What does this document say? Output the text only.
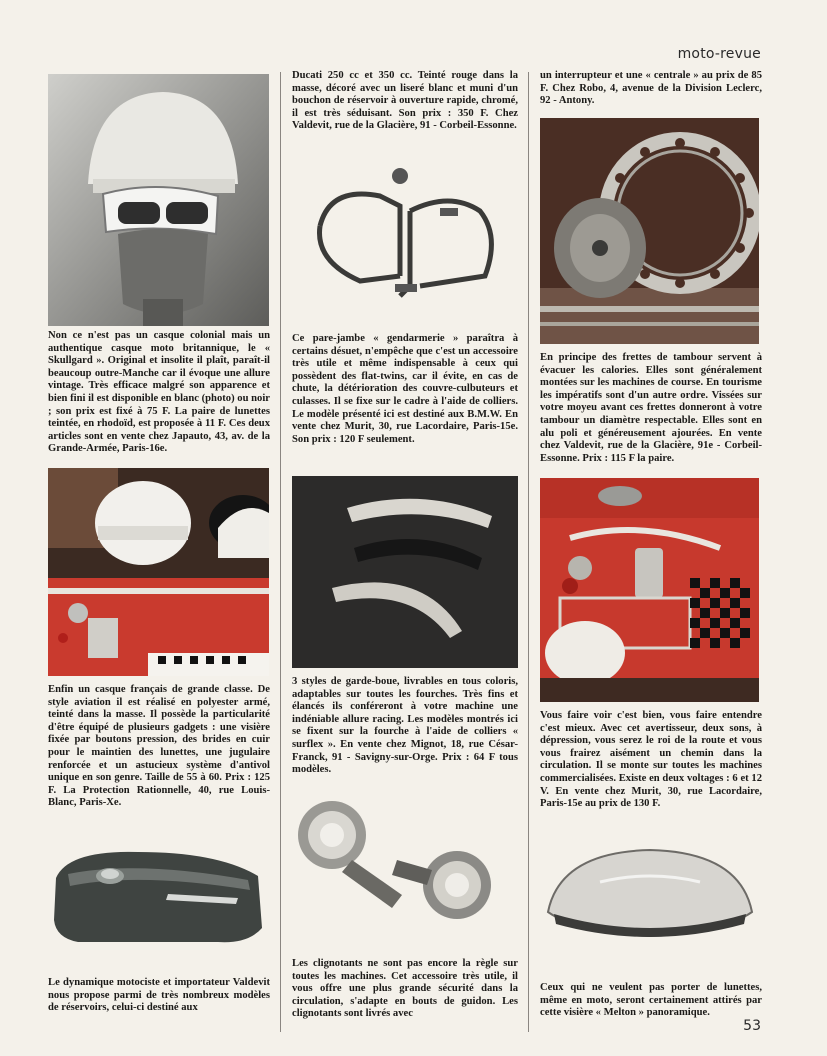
moto-revue
Non ce n'est pas un casque colonial mais un authentique casque moto britannique, le « Skullgard ». Original et insolite il plaît, paraît-il beaucoup outre-Manche car il évoque une allure vintage. Très efficace malgré son apparence et bien fini il est disponible en blanc (photo) ou noir ; son prix est fixé à 75 F. La paire de lunettes teintée, en rhodoïd, est proposée à 11 F. Ces deux articles sont en vente chez Japauto, 43, av. de la Grande-Armée, Paris-16e.
Enfin un casque français de grande classe. De style aviation il est réalisé en polyester armé, teinté dans la masse. Il possède la particularité d'être équipé de plusieurs gadgets : une visière fixée par boutons pression, des brides en cuir pour le maintien des lunettes, une jugulaire renforcée et un astucieux système d'antivol unique en son genre. Taille de 55 à 60. Prix : 125 F. La Protection Rationnelle, 40, rue Louis-Blanc, Paris-Xe.
Le dynamique motociste et importateur Valdevit nous propose parmi de très nombreux modèles de réservoirs, celui-ci destiné aux
Ducati 250 cc et 350 cc. Teinté rouge dans la masse, décoré avec un liseré blanc et muni d'un bouchon de réservoir à ouverture rapide, chromé, il est très séduisant. Son prix : 350 F. Chez Valdevit, rue de la Glacière, 91 - Corbeil-Essonne.
Ce pare-jambe « gendarmerie » paraîtra à certains désuet, n'empêche que c'est un accessoire très utile et même indispensable à ceux qui possèdent des flat-twins, car il évite, en cas de chute, la détérioration des couvre-culbuteurs et culasses. Il se fixe sur le cadre à l'aide de colliers. Le modèle présenté ici est destiné aux B.M.W. En vente chez Murit, 30, rue Lacordaire, Paris-15e. Son prix : 120 F seulement.
3 styles de garde-boue, livrables en tous coloris, adaptables sur toutes les fourches. Très fins et élancés ils conféreront à votre machine une indéniable allure racing. Les modèles montrés ici se fixent sur la fourche à l'aide de colliers « surflex ». En vente chez Mignot, 18, rue César-Franck, 91 - Savigny-sur-Orge. Prix : 64 F tous modèles.
Les clignotants ne sont pas encore la règle sur toutes les machines. Cet accessoire très utile, il vous offre une plus grande sécurité dans la circulation, s'adapte en bouts de guidon. Les clignotants sont livrés avec
un interrupteur et une « centrale » au prix de 85 F. Chez Robo, 4, avenue de la Division Leclerc, 92 - Antony.
En principe des frettes de tambour servent à évacuer les calories. Elles sont généralement montées sur les machines de course. En tourisme les impératifs sont d'un autre ordre. Vissées sur votre moyeu avant ces frettes donneront à votre tambour un diamètre respectable. Elles sont en alu poli et généreusement ajourées. En vente chez Valdevit, rue de la Glacière, 91e - Corbeil-Essonne. Prix : 115 F la paire.
Vous faire voir c'est bien, vous faire entendre c'est mieux. Avec cet avertisseur, deux sons, à dépression, vous serez le roi de la route et vous vous frairez aisément un chemin dans la circulation. Il se monte sur toutes les machines commercialisées. Existe en deux voltages : 6 et 12 V. En vente chez Murit, 30, rue Lacordaire, Paris-15e au prix de 130 F.
Ceux qui ne veulent pas porter de lunettes, même en moto, seront certainement attirés par cette visière « Melton » panoramique.
53
